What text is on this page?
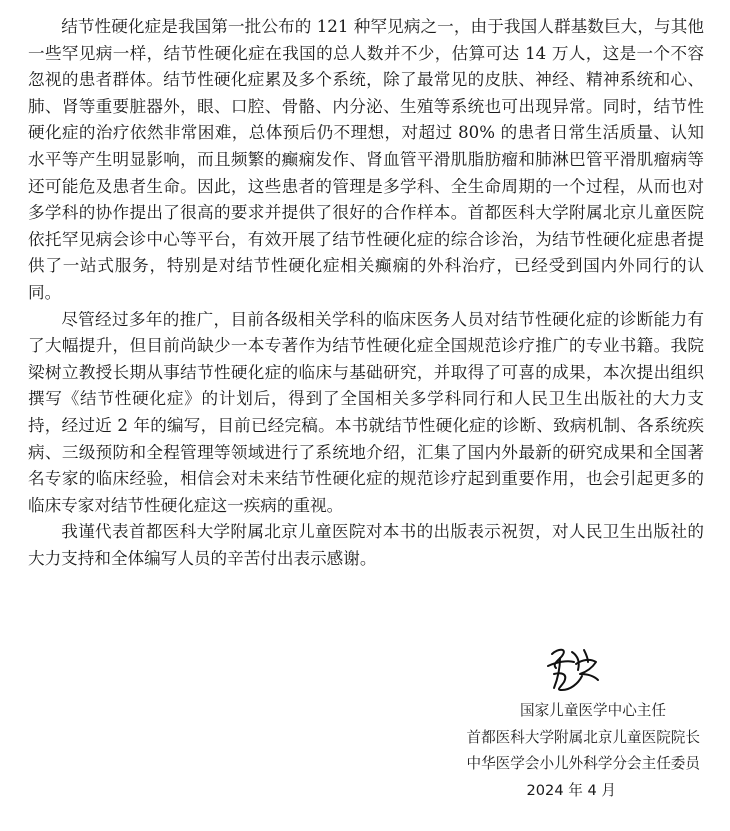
结节性硬化症是我国第一批公布的 121 种罕见病之一，由于我国人群基数巨大，与其他一些罕见病一样，结节性硬化症在我国的总人数并不少，估算可达 14 万人，这是一个不容忽视的患者群体。结节性硬化症累及多个系统，除了最常见的皮肤、神经、精神系统和心、肺、肾等重要脏器外，眼、口腔、骨骼、内分泌、生殖等系统也可出现异常。同时，结节性硬化症的治疗依然非常困难，总体预后仍不理想，对超过 80% 的患者日常生活质量、认知水平等产生明显影响，而且频繁的癫痫发作、肾血管平滑肌脂肪瘤和肺淋巴管平滑肌瘤病等还可能危及患者生命。因此，这些患者的管理是多学科、全生命周期的一个过程，从而也对多学科的协作提出了很高的要求并提供了很好的合作样本。首都医科大学附属北京儿童医院依托罕见病会诊中心等平台，有效开展了结节性硬化症的综合诊治，为结节性硬化症患者提供了一站式服务，特别是对结节性硬化症相关癫痫的外科治疗，已经受到国内外同行的认同。

尽管经过多年的推广，目前各级相关学科的临床医务人员对结节性硬化症的诊断能力有了大幅提升，但目前尚缺少一本专著作为结节性硬化症全国规范诊疗推广的专业书籍。我院梁树立教授长期从事结节性硬化症的临床与基础研究，并取得了可喜的成果，本次提出组织撰写《结节性硬化症》的计划后，得到了全国相关多学科同行和人民卫生出版社的大力支持，经过近 2 年的编写，目前已经完稿。本书就结节性硬化症的诊断、致病机制、各系统疾病、三级预防和全程管理等领域进行了系统地介绍，汇集了国内外最新的研究成果和全国著名专家的临床经验，相信会对未来结节性硬化症的规范诊疗起到重要作用，也会引起更多的临床专家对结节性硬化症这一疾病的重视。

我谨代表首都医科大学附属北京儿童医院对本书的出版表示祝贺，对人民卫生出版社的大力支持和全体编写人员的辛苦付出表示感谢。

国家儿童医学中心主任
首都医科大学附属北京儿童医院院长
中华医学会小儿外科学分会主任委员
2024 年 4 月
